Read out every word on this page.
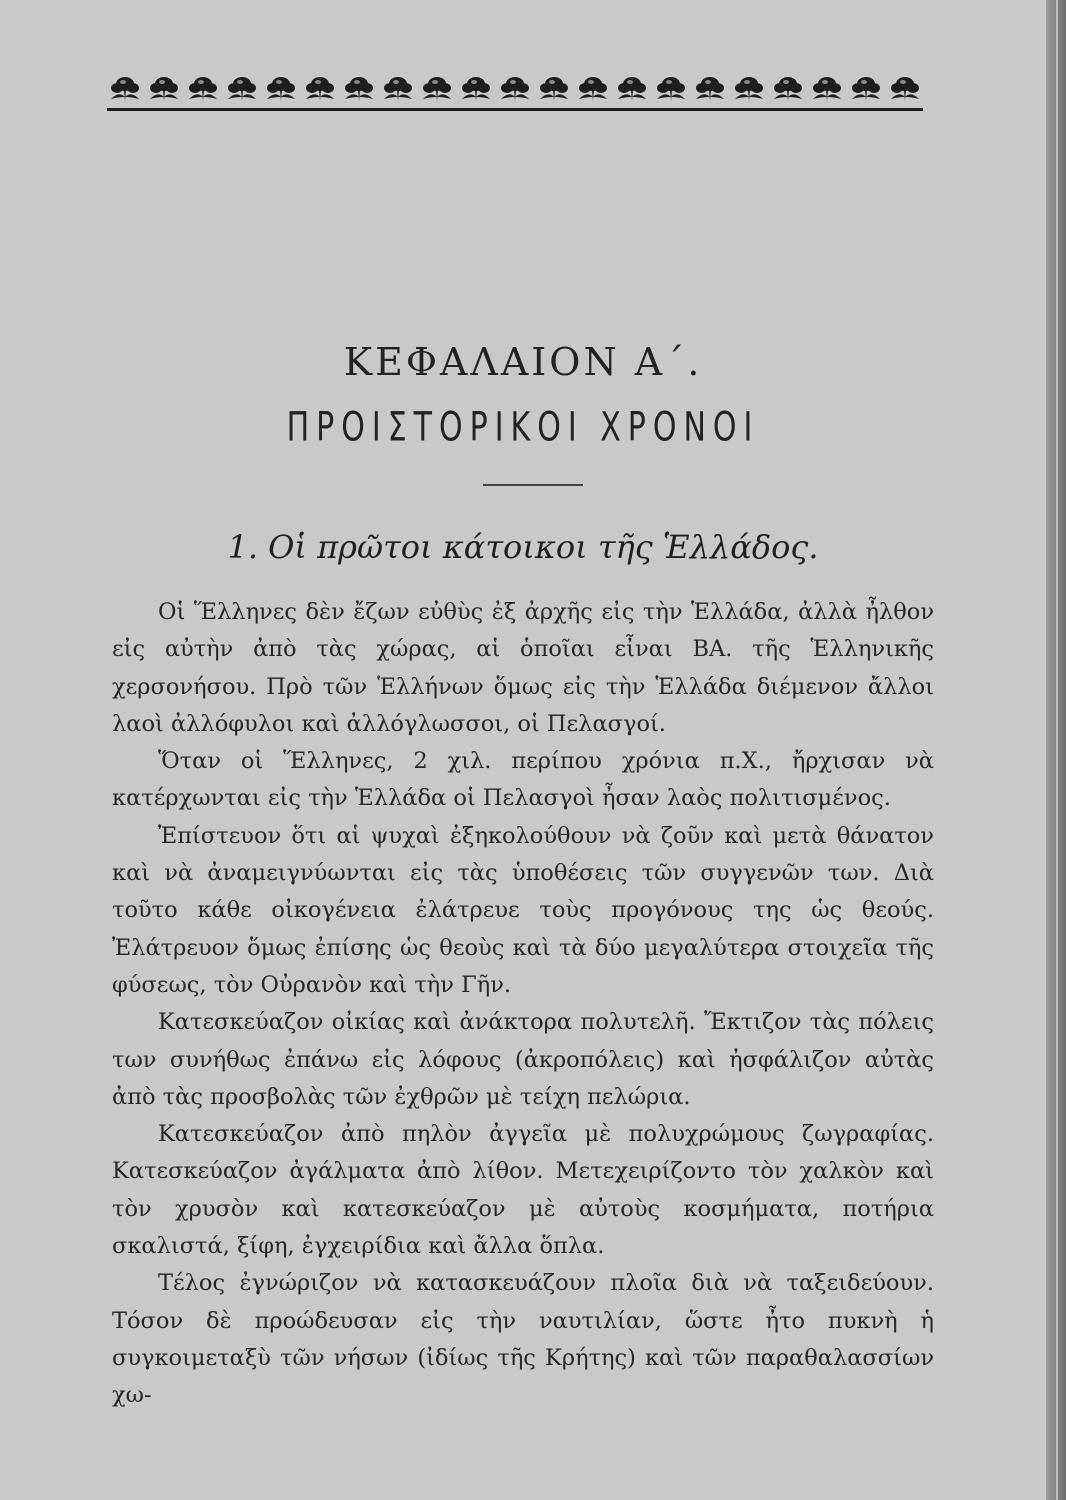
ΚΕΦΑΛΑΙΟΝ Α΄.
ΠΡΟΙΣΤΟΡΙΚΟΙ ΧΡΟΝΟΙ
1. Οἱ πρῶτοι κάτοικοι τῆς Ἑλλάδος.

Οἱ Ἕλληνες δὲν ἔζων εὐθὺς ἐξ ἀρχῆς εἰς τὴν Ἑλλάδα, ἀλλὰ ἦλθον εἰς αὐτὴν ἀπὸ τὰς χώρας, αἱ ὁποῖαι εἶναι ΒΑ. τῆς Ἑλληνικῆς χερσονήσου. Πρὸ τῶν Ἑλλήνων ὅμως εἰς τὴν Ἑλλάδα διέμενον ἄλλοι λαοὶ ἀλλόφυλοι καὶ ἀλλόγλωσσοι, οἱ Πελασγοί.

Ὅταν οἱ Ἕλληνες, 2 χιλ. περίπου χρόνια π.Χ., ἤρχισαν νὰ κατέρχωνται εἰς τὴν Ἑλλάδα οἱ Πελασγοὶ ἦσαν λαὸς πολιτισμένος.

Ἐπίστευον ὅτι αἱ ψυχαὶ ἐξηκολούθουν νὰ ζοῦν καὶ μετὰ θάνατον καὶ νὰ ἀναμειγνύωνται εἰς τὰς ὑποθέσεις τῶν συγγενῶν των. Διὰ τοῦτο κάθε οἰκογένεια ἐλάτρευε τοὺς προγόνους της ὡς θεούς. Ἐλάτρευον ὅμως ἐπίσης ὡς θεοὺς καὶ τὰ δύο μεγαλύτερα στοιχεῖα τῆς φύσεως, τὸν Οὐρανὸν καὶ τὴν Γῆν.

Κατεσκεύαζον οἰκίας καὶ ἀνάκτορα πολυτελῆ. Ἔκτιζον τὰς πόλεις των συνήθως ἐπάνω εἰς λόφους (ἀκροπόλεις) καὶ ἠσφάλιζον αὐτὰς ἀπὸ τὰς προσβολὰς τῶν ἐχθρῶν μὲ τείχη πελώρια.

Κατεσκεύαζον ἀπὸ πηλὸν ἀγγεῖα μὲ πολυχρώμους ζωγραφίας. Κατεσκεύαζον ἀγάλματα ἀπὸ λίθον. Μετεχειρίζοντο τὸν χαλκὸν καὶ τὸν χρυσὸν καὶ κατεσκεύαζον μὲ αὐτοὺς κοσμήματα, ποτήρια σκαλιστά, ξίφη, ἐγχειρίδια καὶ ἄλλα ὅπλα.

Τέλος ἐγνώριζον νὰ κατασκευάζουν πλοῖα διὰ νὰ ταξειδεύουν. Τόσον δὲ προώδευσαν εἰς τὴν ναυτιλίαν, ὥστε ἦτο πυκνὴ ἡ συγκοιμεταξὺ τῶν νήσων (ἰδίως τῆς Κρήτης) καὶ τῶν παραθαλασσίων χω-
